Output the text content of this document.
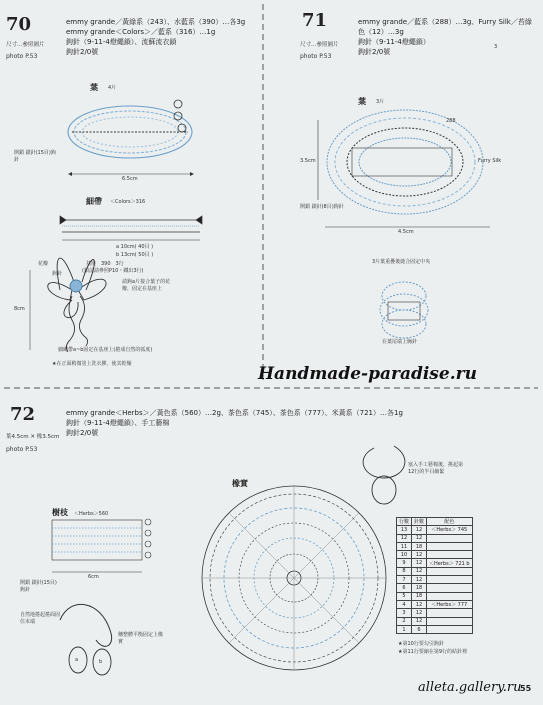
70
尺寸…參照圖片
photo P.53
emmy grande／黃綠系（243）、水藍系（390）…各3g
emmy grande＜Colors＞／藍系（316）…1g
鉤針（9-11-4燈繩鎖）、流蘇流衣鎖
鉤針2/0號
葉 4片
開鎖 鎖針(15目)鉤針
6.5cm
細帶 ＜Colors＞316
a 10cm( 40目 )
b 13cm( 50目 )
花瓣	基座　390　3行
(鎖法請參照P10・鐵出3行)
鉤針
請鉤a片接合葉子的花瓣，固定在基座上
8cm
細繩帶a~b固定在基座上(捲成自然的弧度)
★在正面稍微塗上洗衣膠，使其乾燥
71
尺寸…參照圖片
photo P.53
emmy grande／藍系（288）…3g、Furry Silk／苔綠
色（12）…3g
鉤針（9-11-4燈繩鎖）
鉤針2/0號
3
葉 3片
288
3.5cm	Furry Silk
開鎖 鎖針(8目)鉤針
4.5cm
3片葉重疊後縫合固定中央
在葉尾端上胸針
Handmade-paradise.ru
72
葉4.5cm ✕ 橡3.5cm
photo P.53
emmy grande＜Herbs＞／黃色系（560）…2g、茶色系（745）、茶色系（777）、米黃系（721）…各1g
鉤針（9-11-4燈繩鎖）、手工藝棉
鉤針2/0號
樹枝 ＜Herbs＞560
6cm
開鎖 鎖針(15目)鉤針
自然地捲起捲面固住末端
穗整體平衡固定上橡實
a	b
橡實
塞入手工藝棉後，挑起第12行的半目縮緊
行數	針數	配色
13	12	＜Herbs＞ 745
12	12	
11	18	
10	12	
9	12	＜Herbs＞ 721 b
8	12	
7	12	
6	18	
5	18	
4	12	＜Herbs＞ 777
3	12	
2	12	
1	6	
★第10行要勾引鉤針
★第11行要縮在第9行的結針裡
alleta.gallery.ru
55
